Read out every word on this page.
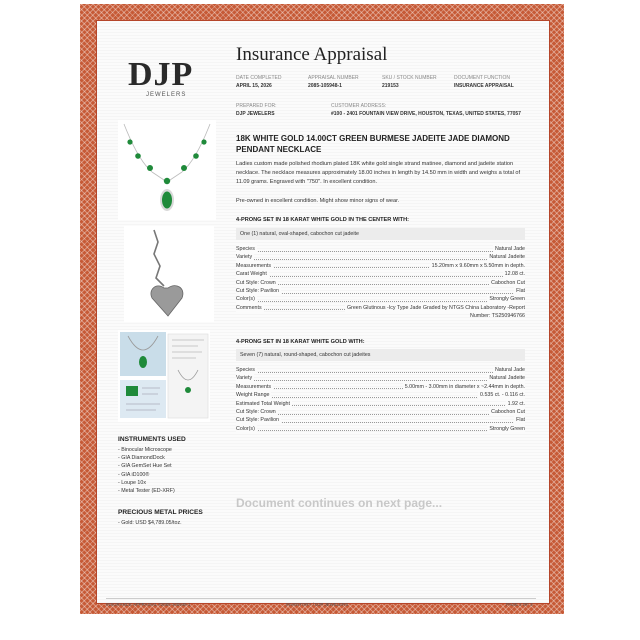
DJP
JEWELERS
Insurance Appraisal
DATE COMPLETED
APRIL 15, 2026
APPRAISAL NUMBER
2085-105948-1
SKU / STOCK NUMBER
219153
DOCUMENT FUNCTION
INSURANCE APPRAISAL
PREPARED FOR:
DJP JEWELERS
CUSTOMER ADDRESS:
#100 - 2401 FOUNTAIN VIEW DRIVE, HOUSTON, TEXAS, UNITED STATES, 77057
18K WHITE GOLD 14.00CT GREEN BURMESE JADEITE JADE DIAMOND PENDANT NECKLACE
Ladies custom made polished rhodium plated 18K white gold single strand matinee, diamond and jadeite station necklace. The necklace measures approximately 18.00 inches in length by 14.50 mm in width and weighs a total of 11.09 grams. Engraved with "750". In excellent condition.
Pre-owned in excellent condition. Might show minor signs of wear.
4-PRONG SET IN 18 KARAT WHITE GOLD IN THE CENTER WITH:
One (1) natural, oval-shaped, cabochon cut jadeite
Species	Natural Jade
Variety	Natural Jadeite
Measurements	15.20mm x 9.60mm x 5.50mm in depth.
Carat Weight	12.08 ct.
Cut Style: Crown	Cabochon Cut
Cut Style: Pavilion	Flat
Color(s)	Strongly Green
Comments	Green Glutinous -Icy Type Jade Graded by NTGS China Laboratory -Report
Number: TS250946766
4-PRONG SET IN 18 KARAT WHITE GOLD WITH:
Seven (7) natural, round-shaped, cabochon cut jadeites
Species	Natural Jade
Variety	Natural Jadeite
Measurements	5.00mm - 3.00mm in diameter x ~2.44mm in depth.
Weight Range	0.535 ct. - 0.116 ct.
Estimated Total Weight	1.92 ct.
Cut Style: Crown	Cabochon Cut
Cut Style: Pavilion	Flat
Color(s)	Strongly Green
INSTRUMENTS USED
- Binocular Microscope
- GIA DiamondDock
- GIA GemSet Hue Set
- GIA iD100®
- Loupe 10x
- Metal Tester (ED-XRF)
PRECIOUS METAL PRICES
- Gold: USD $4,789.05/toz.
Document continues on next page...
INSURANCE APPRAISAL #2085-105948-1	INVENTORY / DJP JEWELERS	PAGE 2 OF 3
